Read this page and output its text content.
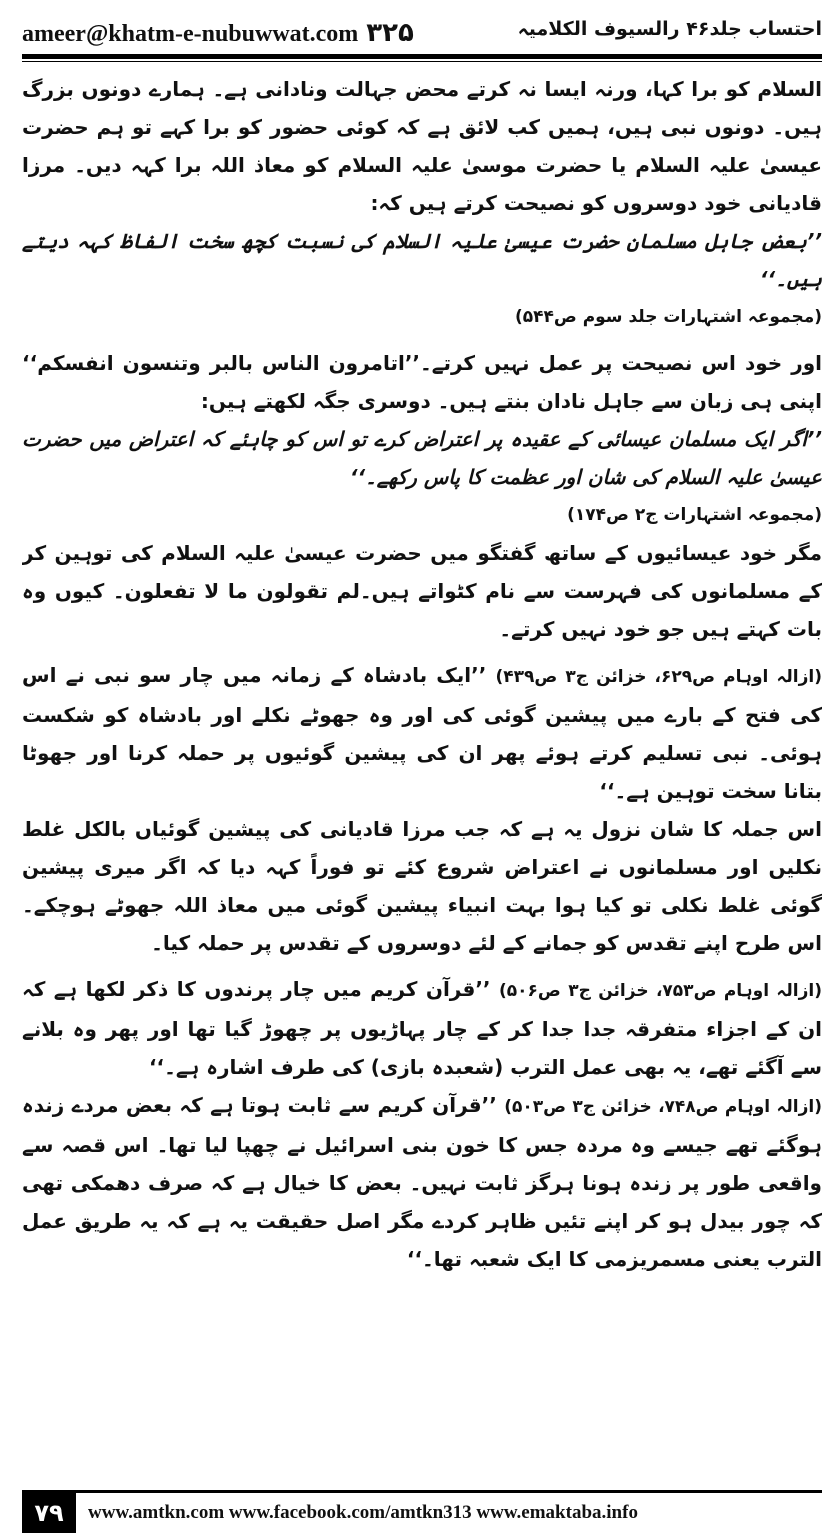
ameer@khatm-e-nubuwwat.com ۳۲۵	احتساب جلد۴۶ رالسیوف الکلامیہ

السلام کو برا کہا، ورنہ ایسا نہ کرتے محض جہالت ونادانی ہے۔ ہمارے دونوں بزرگ ہیں۔ دونوں نبی ہیں، ہمیں کب لائق ہے کہ کوئی حضور کو برا کہے تو ہم حضرت عیسیٰ علیہ السلام یا حضرت موسیٰ علیہ السلام کو معاذ اللہ برا کہہ دیں۔ مرزا قادیانی خود دوسروں کو نصیحت کرتے ہیں کہ:

’’بعض جاہل مسلمان حضرت عیسیٰ علیہ السلام کی نسبت کچھ سخت الفاظ کہہ دیتے ہیں۔‘‘

(مجموعہ اشتہارات جلد سوم ص۵۴۴)

اور خود اس نصیحت پر عمل نہیں کرتے۔’’اتامرون الناس بالبر وتنسون انفسکم‘‘ اپنی ہی زبان سے جاہل نادان بنتے ہیں۔ دوسری جگہ لکھتے ہیں:

’’اگر ایک مسلمان عیسائی کے عقیدہ پر اعتراض کرے تو اس کو چاہئے کہ اعتراض میں حضرت عیسیٰ علیہ السلام کی شان اور عظمت کا پاس رکھے۔‘‘

(مجموعہ اشتہارات ج۲ ص۱۷۴)

مگر خود عیسائیوں کے ساتھ گفتگو میں حضرت عیسیٰ علیہ السلام کی توہین کر کے مسلمانوں کی فہرست سے نام کٹواتے ہیں۔لم تقولون ما لا تفعلون۔ کیوں وہ بات کہتے ہیں جو خود نہیں کرتے۔

(ازالہ اوہام ص۶۲۹، خزائن ج۳ ص۴۳۹) ’’ایک بادشاہ کے زمانہ میں چار سو نبی نے اس کی فتح کے بارے میں پیشین گوئی کی اور وہ جھوٹے نکلے اور بادشاہ کو شکست ہوئی۔ نبی تسلیم کرتے ہوئے پھر ان کی پیشین گوئیوں پر حملہ کرنا اور جھوٹا بتانا سخت توہین ہے۔‘‘

اس جملہ کا شان نزول یہ ہے کہ جب مرزا قادیانی کی پیشین گوئیاں بالکل غلط نکلیں اور مسلمانوں نے اعتراض شروع کئے تو فوراً کہہ دیا کہ اگر میری پیشین گوئی غلط نکلی تو کیا ہوا بہت انبیاء پیشین گوئی میں معاذ اللہ جھوٹے ہوچکے۔ اس طرح اپنے تقدس کو جمانے کے لئے دوسروں کے تقدس پر حملہ کیا۔

(ازالہ اوہام ص۷۵۳، خزائن ج۳ ص۵۰۶) ’’قرآن کریم میں چار پرندوں کا ذکر لکھا ہے کہ ان کے اجزاء متفرقہ جدا جدا کر کے چار پہاڑیوں پر چھوڑ گیا تھا اور پھر وہ بلانے سے آگئے تھے، یہ بھی عمل الترب (شعبدہ بازی) کی طرف اشارہ ہے۔‘‘

(ازالہ اوہام ص۷۴۸، خزائن ج۳ ص۵۰۳) ’’قرآن کریم سے ثابت ہوتا ہے کہ بعض مردے زندہ ہوگئے تھے جیسے وہ مردہ جس کا خون بنی اسرائیل نے چھپا لیا تھا۔ اس قصہ سے واقعی طور پر زندہ ہونا ہرگز ثابت نہیں۔ بعض کا خیال ہے کہ صرف دھمکی تھی کہ چور بیدل ہو کر اپنے تئیں ظاہر کردے مگر اصل حقیقت یہ ہے کہ یہ طریق عمل الترب یعنی مسمریزمی کا ایک شعبہ تھا۔‘‘

۷۹	www.amtkn.com www.facebook.com/amtkn313 www.emaktaba.info
